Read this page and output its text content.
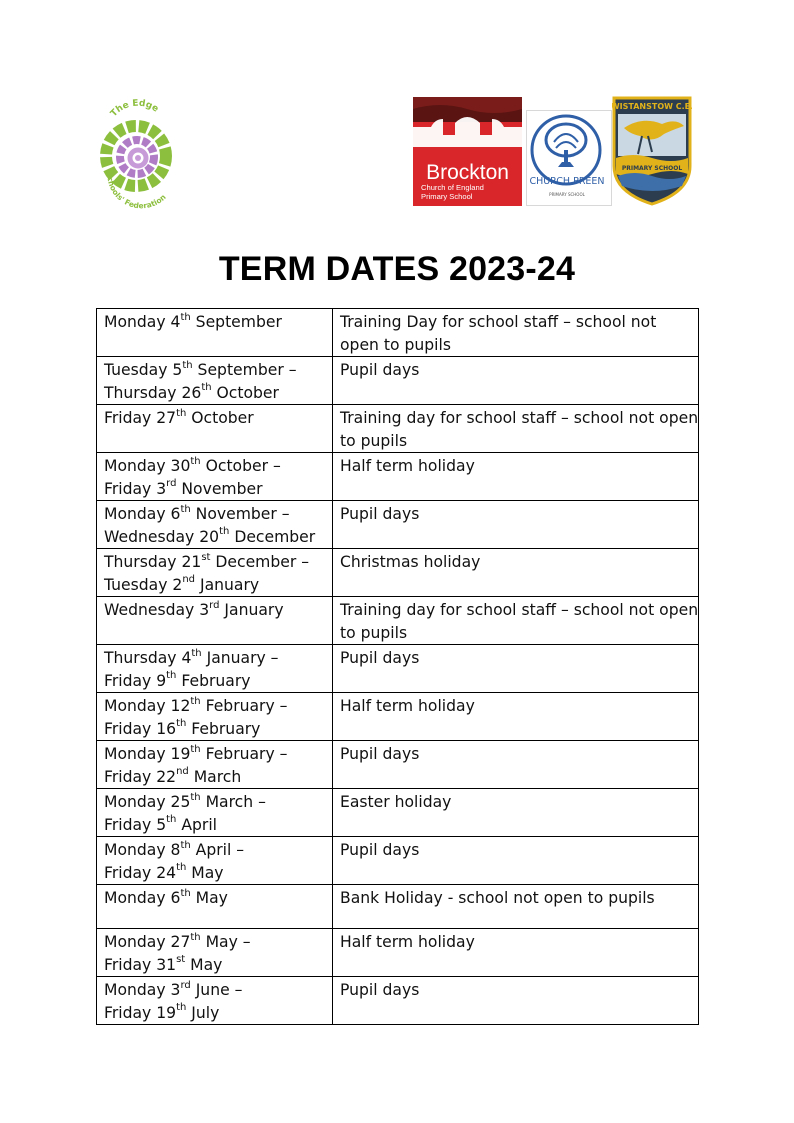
The Edge
Schools' Federation
Brockton
Church of England
Primary School
CHURCH PREEN
PRIMARY SCHOOL
WISTANSTOW C.E.
PRIMARY SCHOOL
TERM DATES 2023-24
Monday 4th September	Training Day for school staff – school not
open to pupils

Tuesday 5th September –
Thursday 26th October	Pupil days

Friday 27th October	Training day for school staff – school not open
to pupils

Monday 30th October –
Friday 3rd November	Half term holiday

Monday 6th November –
Wednesday 20th December	Pupil days

Thursday 21st December –
Tuesday 2nd January	Christmas holiday

Wednesday 3rd January	Training day for school staff – school not open
to pupils

Thursday 4th January –
Friday 9th February	Pupil days

Monday 12th February –
Friday 16th February	Half term holiday

Monday 19th February –
Friday 22nd March	Pupil days

Monday 25th March –
Friday 5th April	Easter holiday

Monday 8th April –
Friday 24th May	Pupil days

Monday 6th May	Bank Holiday - school not open to pupils

Monday 27th May –
Friday 31st May	Half term holiday

Monday 3rd June –
Friday 19th July	Pupil days
